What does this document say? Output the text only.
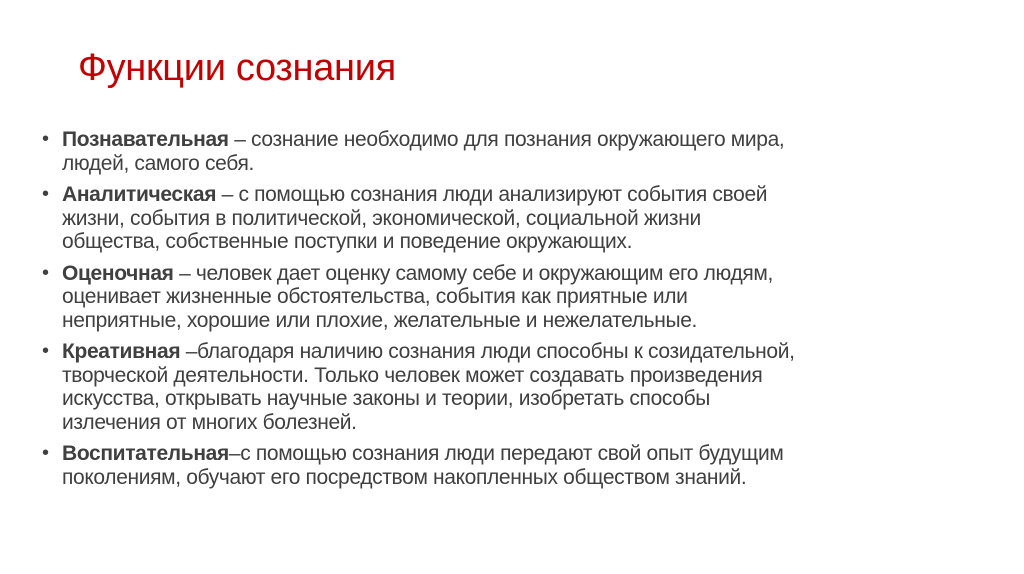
Функции сознания
• Познавательная – сознание необходимо для познания окружающего мира,
людей, самого себя.
• Аналитическая – с помощью сознания люди анализируют события своей
жизни, события в политической, экономической, социальной жизни
общества, собственные поступки и поведение окружающих.
• Оценочная – человек дает оценку самому себе и окружающим его людям,
оценивает жизненные обстоятельства, события как приятные или
неприятные, хорошие или плохие, желательные и нежелательные.
• Креативная –благодаря наличию сознания люди способны к созидательной,
творческой деятельности. Только человек может создавать произведения
искусства, открывать научные законы и теории, изобретать способы
излечения от многих болезней.
• Воспитательная–с помощью сознания люди передают свой опыт будущим
поколениям, обучают его посредством накопленных обществом знаний.
